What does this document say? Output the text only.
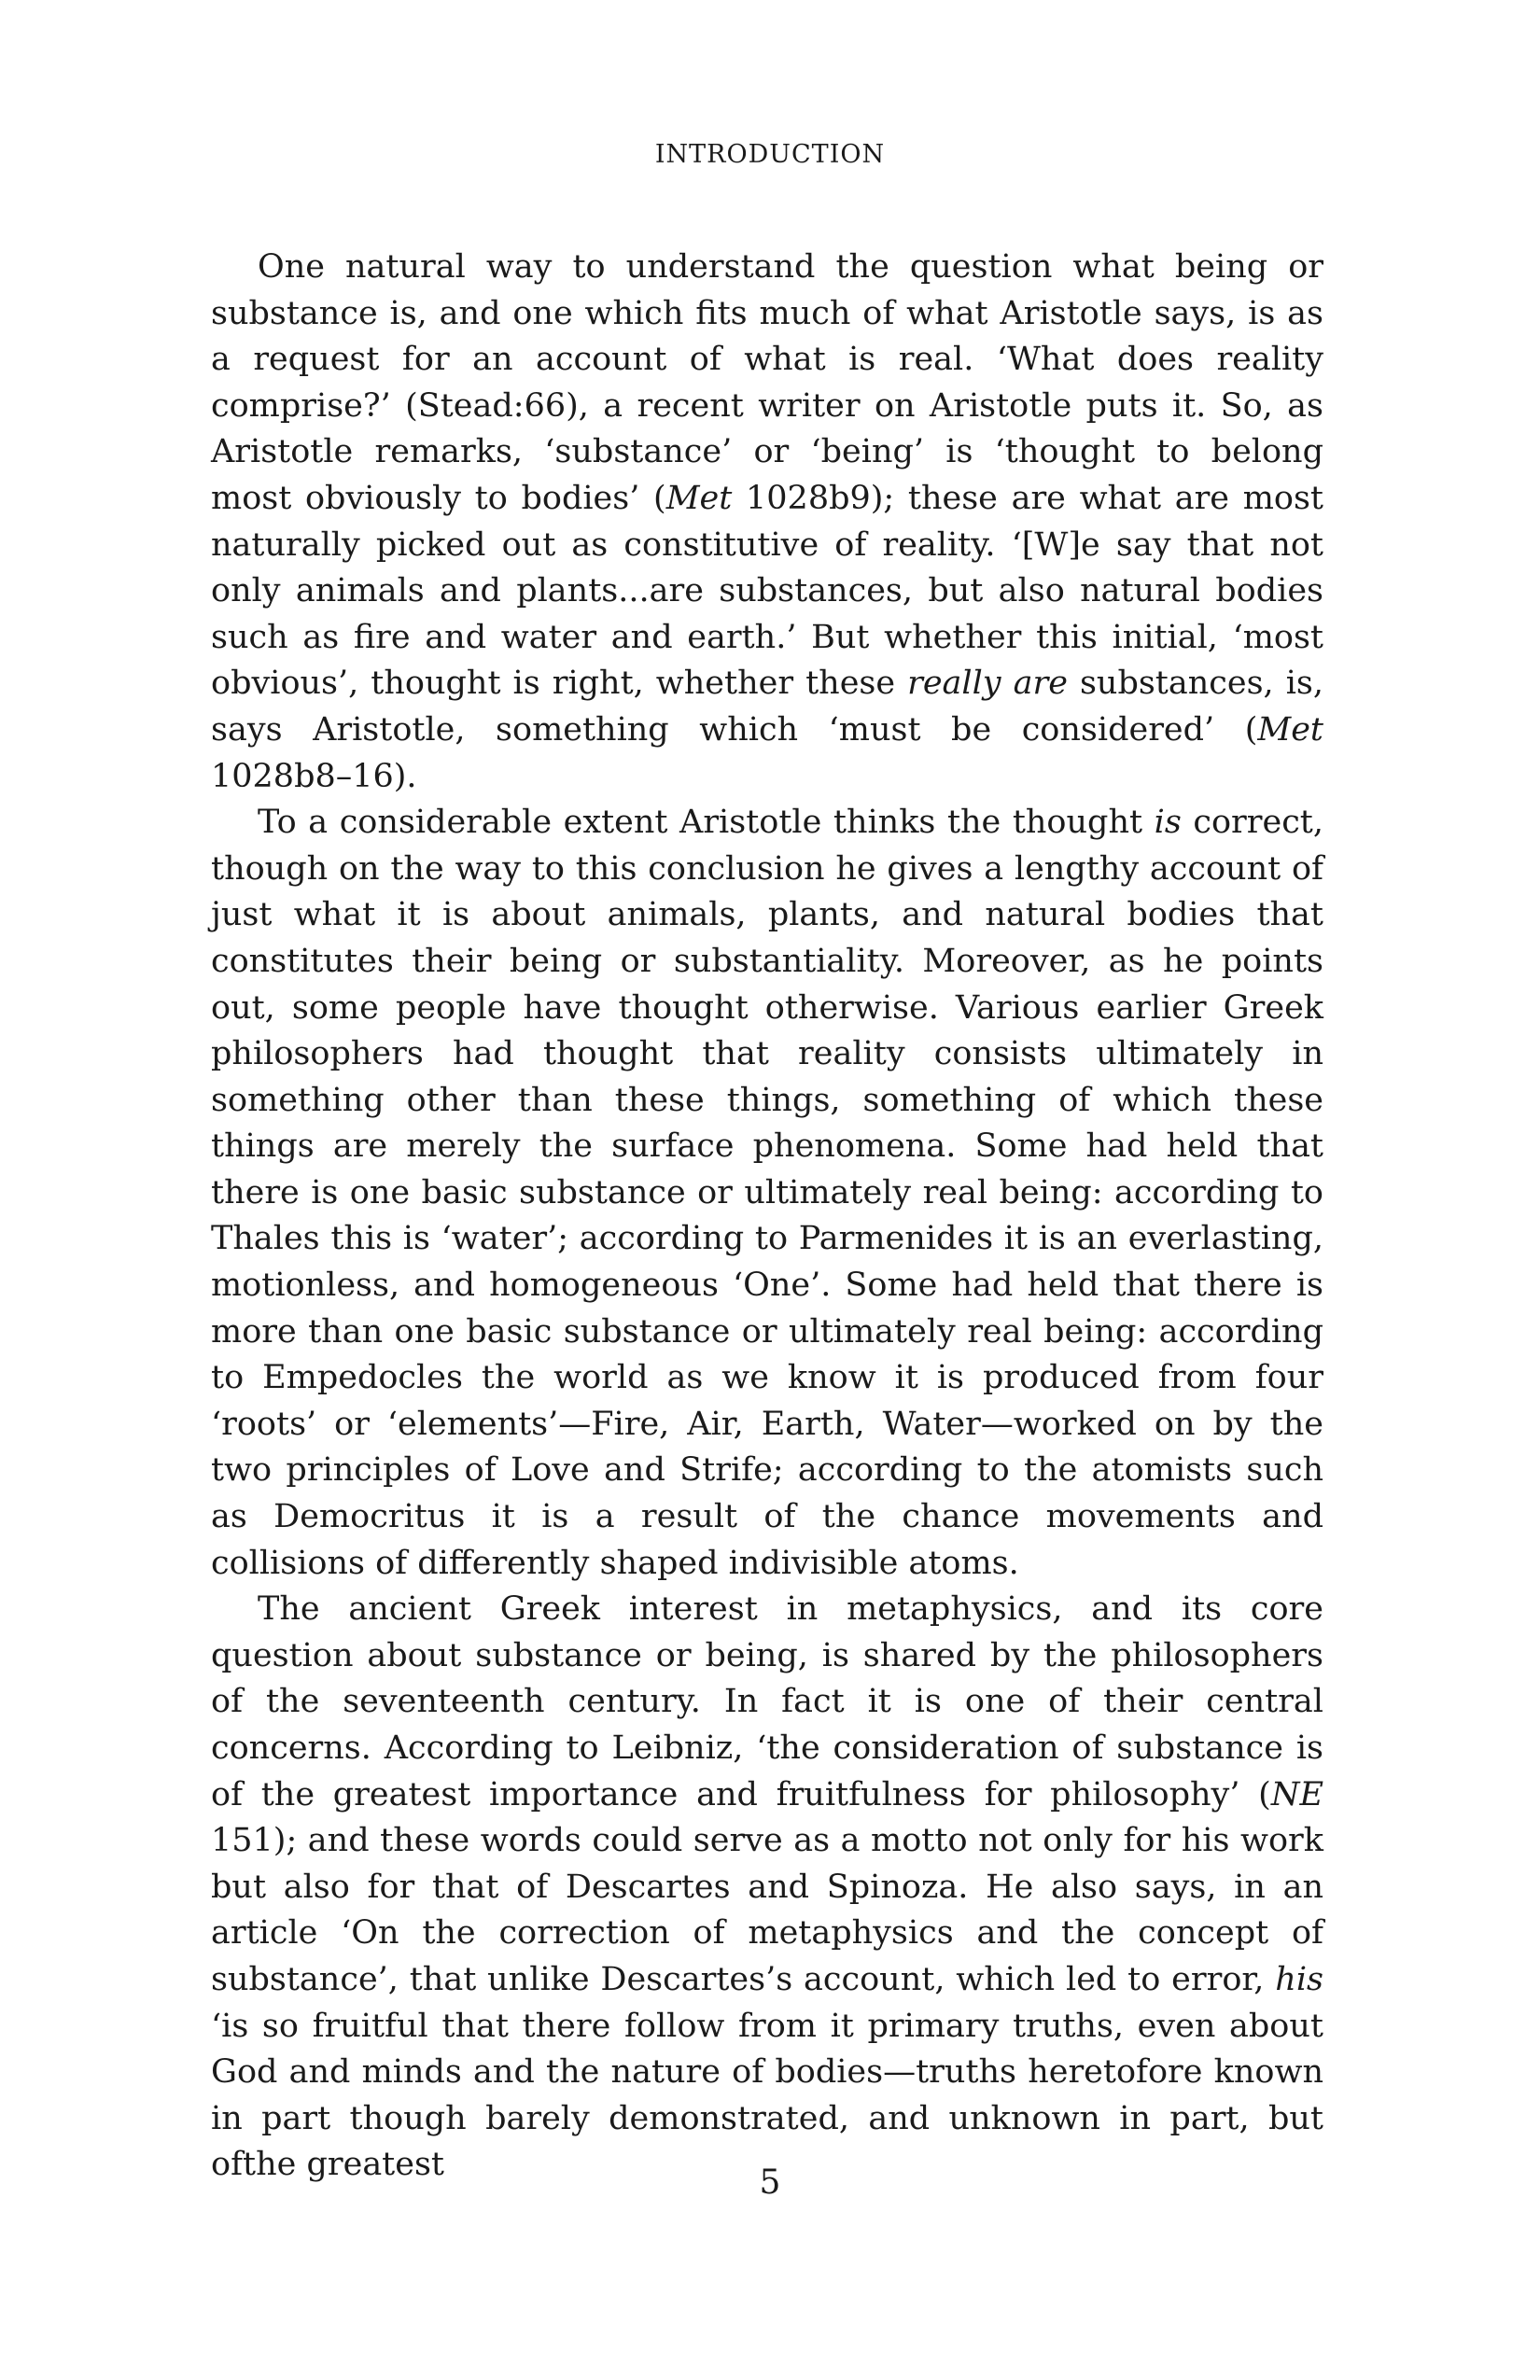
INTRODUCTION

One natural way to understand the question what being or substance is, and one which fits much of what Aristotle says, is as a request for an account of what is real. ‘What does reality comprise?’ (Stead:66), a recent writer on Aristotle puts it. So, as Aristotle remarks, ‘substance’ or ‘being’ is ‘thought to belong most obviously to bodies’ (Met 1028b9); these are what are most naturally picked out as constitutive of reality. ‘[W]e say that not only animals and plants...are substances, but also natural bodies such as fire and water and earth.’ But whether this initial, ‘most obvious’, thought is right, whether these really are substances, is, says Aristotle, something which ‘must be considered’ (Met 1028b8–16).

To a considerable extent Aristotle thinks the thought is correct, though on the way to this conclusion he gives a lengthy account of just what it is about animals, plants, and natural bodies that constitutes their being or substantiality. Moreover, as he points out, some people have thought otherwise. Various earlier Greek philosophers had thought that reality consists ultimately in something other than these things, something of which these things are merely the surface phenomena. Some had held that there is one basic substance or ultimately real being: according to Thales this is ‘water’; according to Parmenides it is an everlasting, motionless, and homogeneous ‘One’. Some had held that there is more than one basic substance or ultimately real being: according to Empedocles the world as we know it is produced from four ‘roots’ or ‘elements’—Fire, Air, Earth, Water—worked on by the two principles of Love and Strife; according to the atomists such as Democritus it is a result of the chance movements and collisions of differently shaped indivisible atoms.

The ancient Greek interest in metaphysics, and its core question about substance or being, is shared by the philosophers of the seventeenth century. In fact it is one of their central concerns. According to Leibniz, ‘the consideration of substance is of the greatest importance and fruitfulness for philosophy’ (NE 151); and these words could serve as a motto not only for his work but also for that of Descartes and Spinoza. He also says, in an article ‘On the correction of metaphysics and the concept of substance’, that unlike Descartes’s account, which led to error, his ‘is so fruitful that there follow from it primary truths, even about God and minds and the nature of bodies—truths heretofore known in part though barely demonstrated, and unknown in part, but ofthe greatest	5
